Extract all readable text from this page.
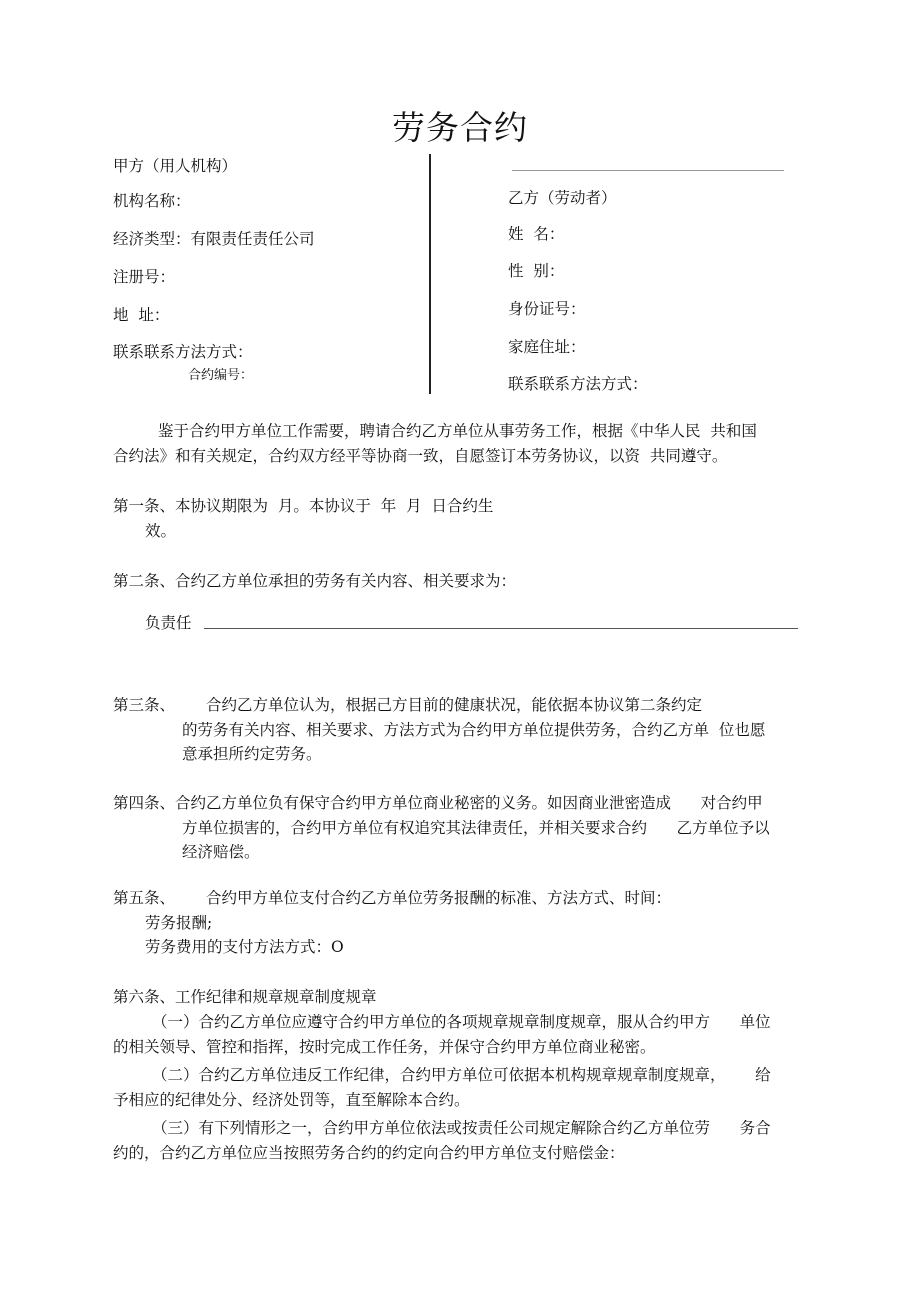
劳务合约
甲方（用人机构）
机构名称：
经济类型：有限责任责任公司
注册号：
地  址：
联系联系方法方式：
合约编号：
乙方（劳动者）
姓  名：
性  别：
身份证号：
家庭住址：
联系联系方法方式：
鉴于合约甲方单位工作需要，聘请合约乙方单位从事劳务工作，根据《中华人民  共和国
合约法》和有关规定，合约双方经平等协商一致，自愿签订本劳务协议，以资  共同遵守。
第一条、本协议期限为  月。本协议于  年  月  日合约生
效。
第二条、合约乙方单位承担的劳务有关内容、相关要求为：
负责任
第三条、 合约乙方单位认为，根据己方目前的健康状况，能依据本协议第二条约定
的劳务有关内容、相关要求、方法方式为合约甲方单位提供劳务，合约乙方单  位也愿
意承担所约定劳务。
第四条、合约乙方单位负有保守合约甲方单位商业秘密的义务。如因商业泄密造成      对合约甲
方单位损害的，合约甲方单位有权追究其法律责任，并相关要求合约      乙方单位予以
经济赔偿。
第五条、 合约甲方单位支付合约乙方单位劳务报酬的标准、方法方式、时间：
劳务报酬;
劳务费用的支付方法方式：O
第六条、工作纪律和规章规章制度规章
（一）合约乙方单位应遵守合约甲方单位的各项规章规章制度规章，服从合约甲方      单位
的相关领导、管控和指挥，按时完成工作任务，并保守合约甲方单位商业秘密。
（二）合约乙方单位违反工作纪律，合约甲方单位可依据本机构规章规章制度规章，      给
予相应的纪律处分、经济处罚等，直至解除本合约。
（三）有下列情形之一，合约甲方单位依法或按责任公司规定解除合约乙方单位劳      务合
约的，合约乙方单位应当按照劳务合约的约定向合约甲方单位支付赔偿金：
